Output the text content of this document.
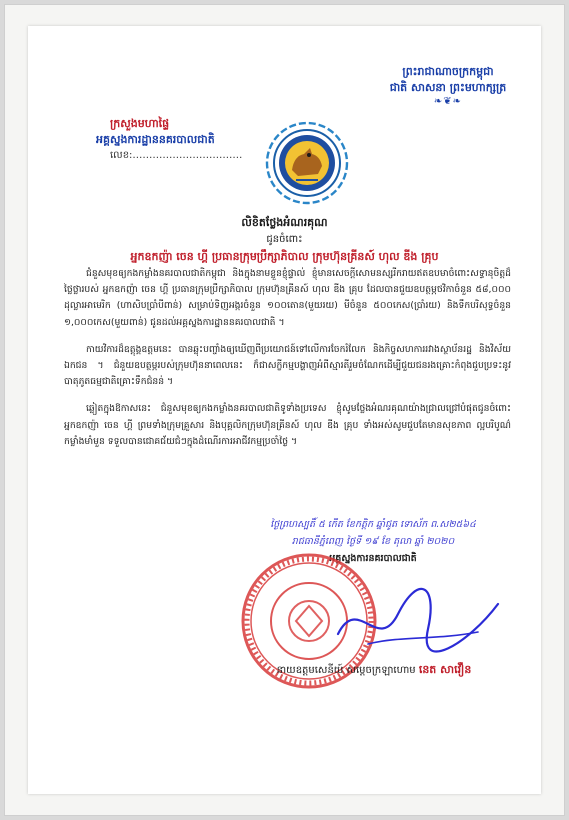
ព្រះរាជាណាចក្រកម្ពុជា
ជាតិ សាសនា ព្រះមហាក្សត្រ
❧❦❧
ក្រសួងមហាផ្ទៃ
អគ្គស្នងការដ្ឋាននគរបាលជាតិ
លេខ:……………………………
លិខិតថ្លែងអំណរគុណ
ជូនចំពោះ
អ្នកឧកញ៉ា ចេន ហ្គី ប្រធានក្រុមប្រឹក្សាភិបាល ក្រុមហ៊ុនគ្រីនស៍ ហុល ឌីង គ្រុប

ជំនួសមុខឲ្យកងកម្លាំងនគរបាលជាតិកម្ពុជា និងក្នុងនាមខ្លួនខ្ញុំផ្ទាល់ ខ្ញុំមានសេចក្ដីសោមនស្សរីករាយឥតឧបមាចំពោះសទ្ធានុចិត្តដ៏ថ្លៃថ្លារបស់ អ្នកឧកញ៉ា ចេន ហ្គី ប្រធានក្រុមប្រឹក្សាភិបាល ក្រុមហ៊ុនគ្រីនស៍ ហុល ឌីង គ្រុប ដែលបានជួយឧបត្ថម្ភថវិកាចំនួន ៥៨,០០០ ដុល្លារអាមេរិក (ហាសិបប្រាំបីពាន់) សម្រាប់ទិញអង្ករចំនួន ១០០តោន(មួយរយ) មីចំនួន ៥០០កេស(ប្រាំរយ) និងទឹកបរិសុទ្ធចំនួន ១,០០០កេស(មួយពាន់) ជូនដល់អគ្គស្នងការដ្ឋាននគរបាលជាតិ ។

កាយវិការដ៏ឧត្តុង្គឧត្តមនេះ បានឆ្លុះបញ្ចាំងឲ្យឃើញពីប្រយោជន៍ទៅលើការចែករំលែក និងកិច្ចសហការរវាងស្ថាប័នរដ្ឋ និងវិស័យឯកជន ។ ជំនួយឧបត្ថម្ភរបស់ក្រុមហ៊ុននាពេលនេះ ក៏ជាសក្ខីកម្មបង្ហាញអំពីស្មារតីរួមចំណែកដើម្បីជួយជនរងគ្រោះកំពុងជួបប្រទះនូវបាតុភូតធម្មជាតិគ្រោះទឹកជំនន់ ។

ឆ្លៀតក្នុងឱកាសនេះ ជំនួសមុខឲ្យកងកម្លាំងនគរបាលជាតិទូទាំងប្រទេស ខ្ញុំសូមថ្លែងអំណរគុណយ៉ាងជ្រាលជ្រៅបំផុតជូនចំពោះ អ្នកឧកញ៉ា ចេន ហ្គី ព្រមទាំងក្រុមគ្រួសារ និងបុគ្គលិកក្រុមហ៊ុនគ្រីនស៍ ហុល ឌីង គ្រុប ទាំងអស់សូមជួបតែមានសុខភាព ល្អបរិបូណ៌ កម្លាំងមាំមួន ទទួលបានជោគជ័យជំៗក្នុងដំណើរការអាជីវកម្មប្រចាំថ្ងៃ ។

ថ្ងៃព្រហស្បតិ៍ ៥ កើត ខែកត្ដិក ឆ្នាំជូត ទោស័ក ព.ស២៥៦៤
រាជធានីភ្នំពេញ ថ្ងៃទី ១៩ ខែ តុលា ឆ្នាំ ២០២០
អគ្គស្នងការនគរបាលជាតិ
នាយឧត្តមសេនីយ៍ សម្ដេចក្រឡាហោម នេត សាវឿន
